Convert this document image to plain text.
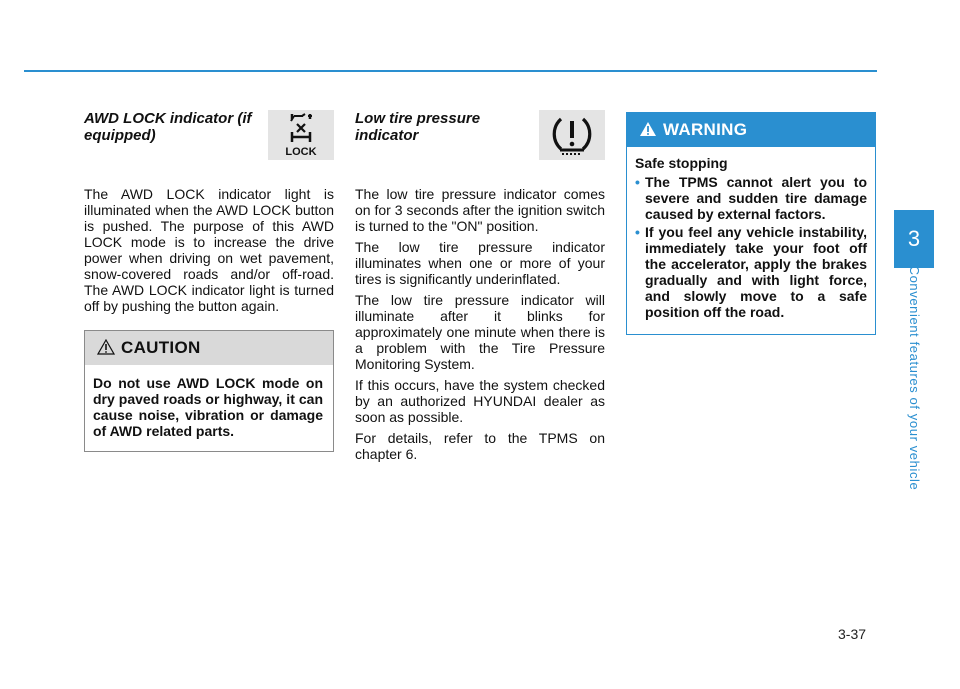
3
Convenient features of your vehicle
AWD LOCK indicator (if equipped)
LOCK

The AWD LOCK indicator light is illuminated when the AWD LOCK button is pushed. The purpose of this AWD LOCK mode is to increase the drive power when driving on wet pavement, snow-covered roads and/or off-road. The AWD LOCK indicator light is turned off by pushing the button again.

CAUTION
Do not use AWD LOCK mode on dry paved roads or highway, it can cause noise, vibration or damage of AWD related parts.
Low tire pressure indicator

The low tire pressure indicator comes on for 3 seconds after the ignition switch is turned to the "ON" position.

The low tire pressure indicator illuminates when one or more of your tires is significantly underinflated.

The low tire pressure indicator will illuminate after it blinks for approximately one minute when there is a problem with the Tire Pressure Monitoring System.

If this occurs, have the system checked by an authorized HYUNDAI dealer as soon as possible.

For details, refer to the TPMS on chapter 6.

WARNING
Safe stopping
• The TPMS cannot alert you to severe and sudden tire damage caused by external factors.
• If you feel any vehicle instability, immediately take your foot off the accelerator, apply the brakes gradually and with light force, and slowly move to a safe position off the road.
3-37
